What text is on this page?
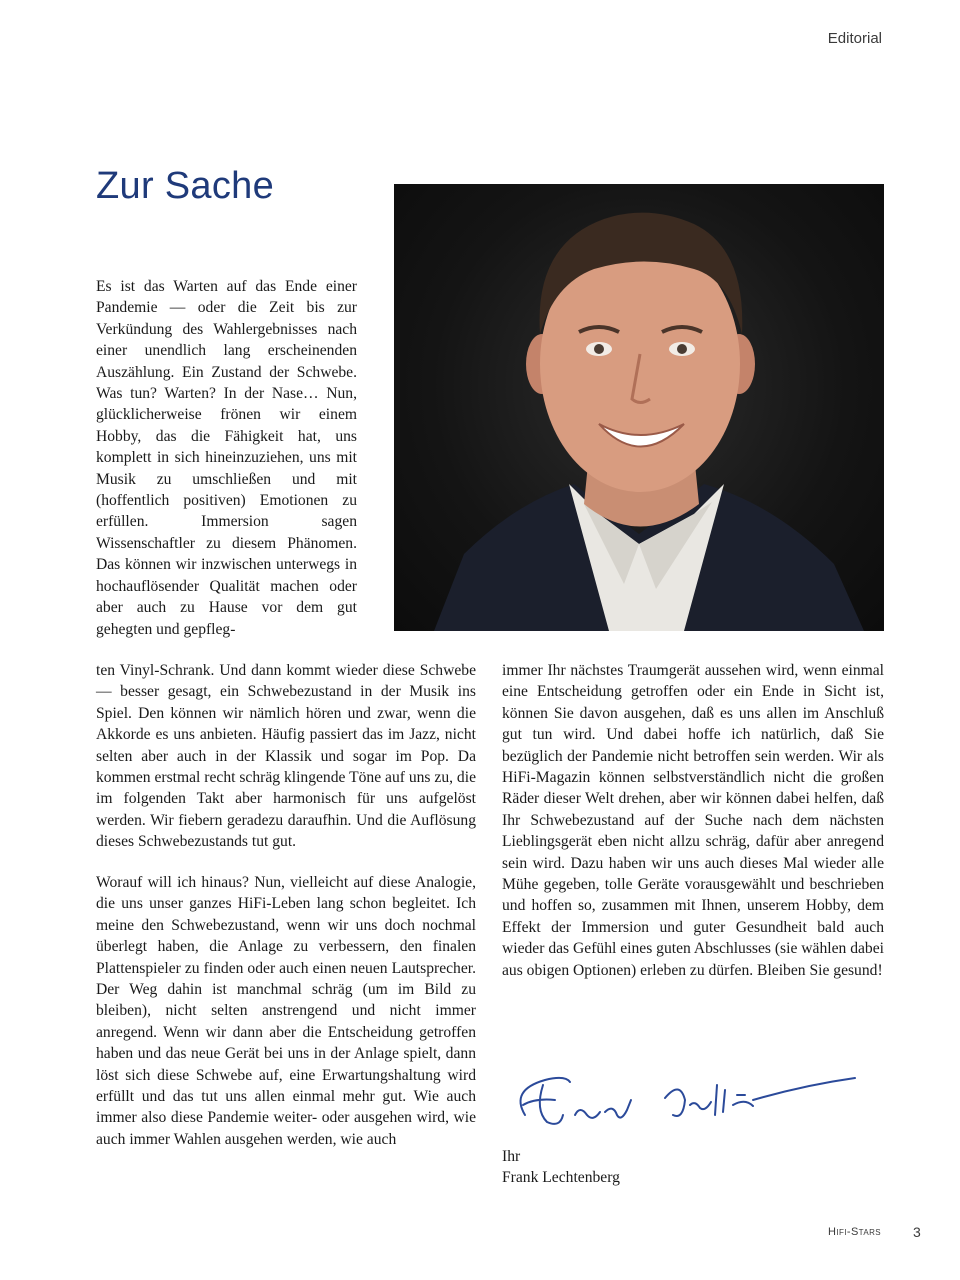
Editorial
Zur Sache

Es ist das Warten auf das Ende einer Pandemie — oder die Zeit bis zur Verkündung des Wahlergebnisses nach einer unendlich lang erscheinenden Auszählung. Ein Zustand der Schwebe. Was tun? Warten? In der Nase… Nun, glücklicherweise frönen wir einem Hobby, das die Fähigkeit hat, uns komplett in sich hineinzuziehen, uns mit Musik zu umschließen und mit (hoffentlich positiven) Emotionen zu erfüllen. Immersion sagen Wissenschaftler zu diesem Phänomen. Das können wir inzwischen unterwegs in hochauflösender Qualität machen oder aber auch zu Hause vor dem gut gehegten und gepfleg-

ten Vinyl-Schrank. Und dann kommt wieder diese Schwebe — besser gesagt, ein Schwebezustand in der Musik ins Spiel. Den können wir nämlich hören und zwar, wenn die Akkorde es uns anbieten. Häufig passiert das im Jazz, nicht selten aber auch in der Klassik und sogar im Pop. Da kommen erstmal recht schräg klingende Töne auf uns zu, die im folgenden Takt aber harmonisch für uns aufgelöst werden. Wir fiebern geradezu daraufhin. Und die Auflösung dieses Schwebezustands tut gut.

Worauf will ich hinaus? Nun, vielleicht auf diese Analogie, die uns unser ganzes HiFi-Leben lang schon begleitet. Ich meine den Schwebezustand, wenn wir uns doch nochmal überlegt haben, die Anlage zu verbessern, den finalen Plattenspieler zu finden oder auch einen neuen Lautsprecher. Der Weg dahin ist manchmal schräg (um im Bild zu bleiben), nicht selten anstrengend und nicht immer anregend. Wenn wir dann aber die Entscheidung getroffen haben und das neue Gerät bei uns in der Anlage spielt, dann löst sich diese Schwebe auf, eine Erwartungshaltung wird erfüllt und das tut uns allen einmal mehr gut. Wie auch immer also diese Pandemie weiter- oder ausgehen wird, wie auch immer Wahlen ausgehen werden, wie auch

immer Ihr nächstes Traumgerät aussehen wird, wenn einmal eine Entscheidung getroffen oder ein Ende in Sicht ist, können Sie davon ausgehen, daß es uns allen im Anschluß gut tun wird. Und dabei hoffe ich natürlich, daß Sie bezüglich der Pandemie nicht betroffen sein werden. Wir als HiFi-Magazin können selbstverständlich nicht die großen Räder dieser Welt drehen, aber wir können dabei helfen, daß Ihr Schwebezustand auf der Suche nach dem nächsten Lieblingsgerät eben nicht allzu schräg, dafür aber anregend sein wird. Dazu haben wir uns auch dieses Mal wieder alle Mühe gegeben, tolle Geräte vorausgewählt und beschrieben und hoffen so, zusammen mit Ihnen, unserem Hobby, dem Effekt der Immersion und guter Gesundheit bald auch wieder das Gefühl eines guten Abschlusses (sie wählen dabei aus obigen Optionen) erleben zu dürfen. Bleiben Sie gesund!

Ihr
Frank Lechtenberg
Hifi-Stars 3
